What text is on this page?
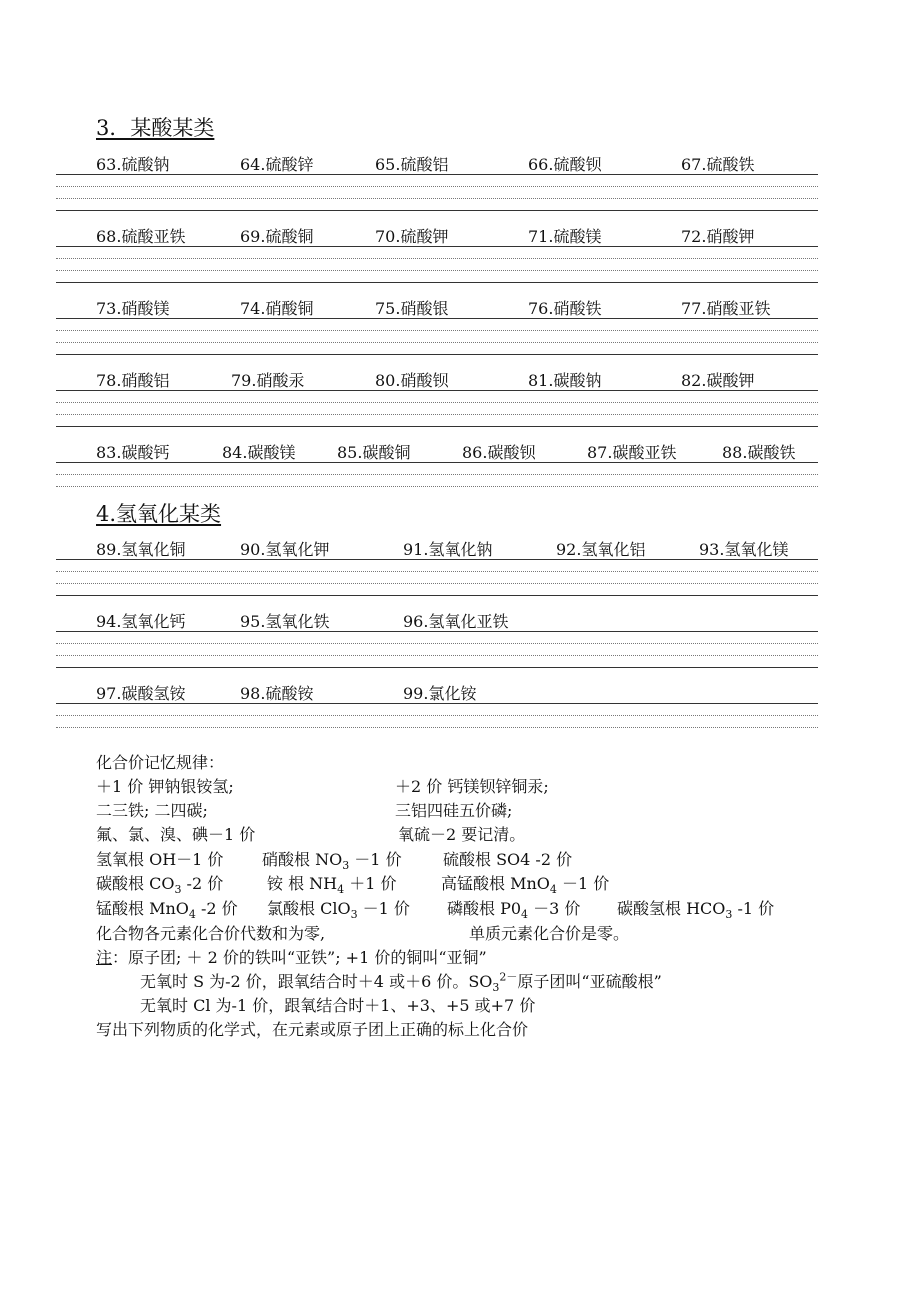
3．某酸某类
63.硫酸钠	64.硫酸锌	65.硫酸铝	66.硫酸钡	67.硫酸铁
68.硫酸亚铁	69.硫酸铜	70.硫酸钾	71.硫酸镁	72.硝酸钾
73.硝酸镁	74.硝酸铜	75.硝酸银	76.硝酸铁	77.硝酸亚铁
78.硝酸铝	79.硝酸汞	80.硝酸钡	81.碳酸钠	82.碳酸钾
83.碳酸钙	84.碳酸镁	85.碳酸铜	86.碳酸钡	87.碳酸亚铁	88.碳酸铁
4.氢氧化某类
89.氢氧化铜	90.氢氧化钾	91.氢氧化钠	92.氢氧化铝	93.氢氧化镁
94.氢氧化钙	95.氢氧化铁	96.氢氧化亚铁
97.碳酸氢铵	98.硫酸铵	99.氯化铵
化合价记忆规律：
＋1 价 钾钠银铵氢;	＋2 价 钙镁钡锌铜汞;
二三铁; 二四碳;	三铝四硅五价磷;
氟、氯、溴、碘－1 价	氧硫－2 要记清。
氢氧根 OH－1 价 硝酸根 $NO_3 -1$ 价	硫酸根 SO4 -2 价
碳酸根 $CO_3$ -2 价	铵 根 $NH_4 +1$ 价	高锰酸根 MnO$_4$ －1 价
锰酸根 MnO$_4$ -2 价 氯酸根 ClO$_3$ －1 价 磷酸根 $P0_4 -3$ 价 碳酸氢根 $HCO_3$ -1 价
化合物各元素化合价代数和为零,	单质元素化合价是零。
注：原子团; ＋ 2 价的铁叫“亚铁”; +1 价的铜叫“亚铜”
无氧时 S 为-2 价，跟氧结合时＋4 或＋6 价。$SO_3^{2-}$原子团叫“亚硫酸根”
无氧时 Cl 为-1 价，跟氧结合时＋1、+3、+5 或+7 价
写出下列物质的化学式，在元素或原子团上正确的标上化合价
